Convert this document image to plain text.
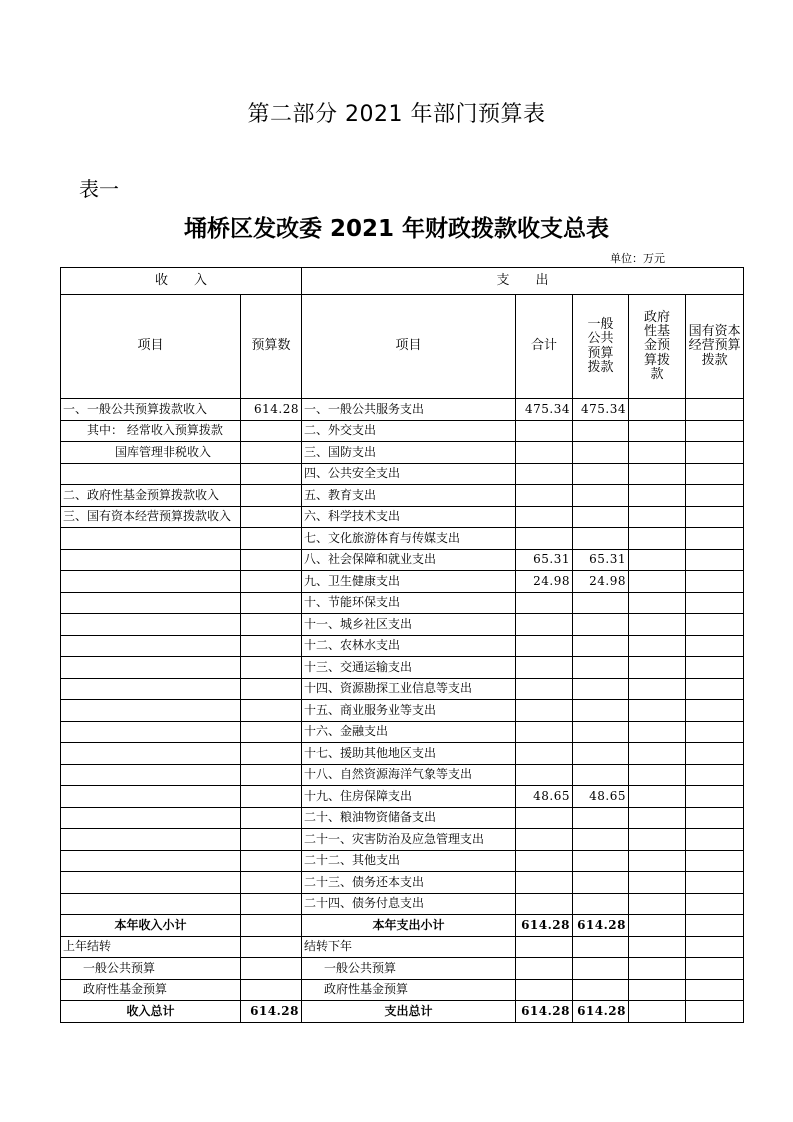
第二部分 2021 年部门预算表
表一
埇桥区发改委 2021 年财政拨款收支总表
单位：万元
收　　入		支　　出				
项目	预算数	项目	合计	一般公共预算拨款	政府性基金预算拨款	国有资本经营预算拨款

一、一般公共预算拨款收入	614.28	一、一般公共服务支出	475.34	475.34		
其中： 经常收入预算拨款		二、外交支出				
国库管理非税收入		三、国防支出				
		四、公共安全支出				
二、政府性基金预算拨款收入		五、教育支出				
三、国有资本经营预算拨款收入		六、科学技术支出				
		七、文化旅游体育与传媒支出				
		八、社会保障和就业支出	65.31	65.31		
		九、卫生健康支出	24.98	24.98		
		十、节能环保支出				
		十一、城乡社区支出				
		十二、农林水支出				
		十三、交通运输支出				
		十四、资源勘探工业信息等支出				
		十五、商业服务业等支出				
		十六、金融支出				
		十七、援助其他地区支出				
		十八、自然资源海洋气象等支出				
		十九、住房保障支出	48.65	48.65		
		二十、粮油物资储备支出				
		二十一、灾害防治及应急管理支出				
		二十二、其他支出				
		二十三、债务还本支出				
		二十四、债务付息支出				
本年收入小计		本年支出小计	614.28	614.28		
上年结转		结转下年				
一般公共预算		一般公共预算				
政府性基金预算		政府性基金预算				
收入总计	614.28	支出总计	614.28	614.28		
